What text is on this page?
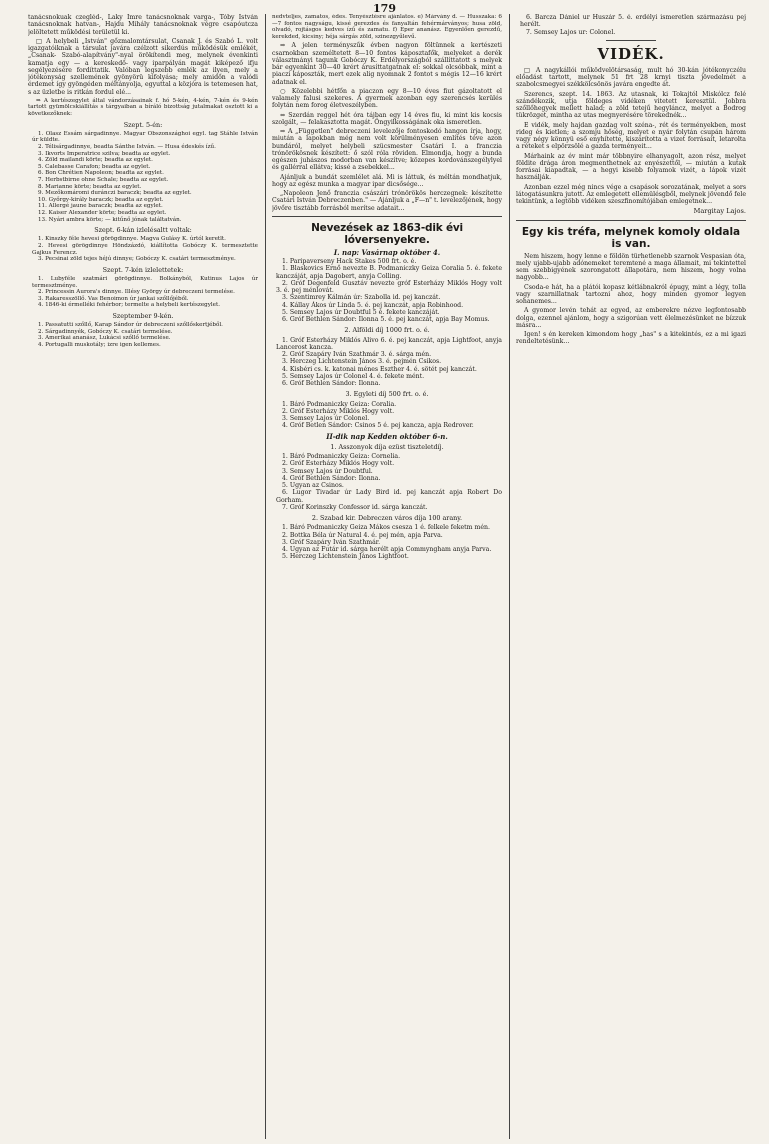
179

tanácsnokuak czegléd-, Laky Imre tanácsnoknak varga-, Tóby István tanácsnoknak hatvan-, Hajdu Mihály tanácsnoknak végre csapóutcza jelöltetett működési területül ki.

□ A helybeli „István" gőzmalomtársulat, Csanak J. és Szabó L. volt igazgatóiknak a társulat javára czélzott sikerdús működésük emlékét, „Csanak- Szabó-alapítvány"-nyal örökítendi meg, melynek évenkinti kamatja egy — a kereskedő- vagy iparpályán magát kiképező ifju segélyezésére fordíttatik. Valóban legszebb emlék az ilyen, mely a jótékonyság szellemének gyönyörü kifolyása; mely amidőn a valódi érdemet így gyöngéden méltányolja, egyuttal a közjóra is tetemesen hat, s az üzletbe is ritkán fordul elé...

⇒ A kertészegylet által vándorzásainak f. hó 5-kén, 4-kén, 7-kén és 9-kén tartott gyümölcskiállítás s tárgyaiban a bíráló bizottság jutalmakat osztott ki a következőknek:

Szept. 5-én:

1. Olasz Essám sárgadinnye. Magyar Obszonszághoi egyl. tag Stáhle István úr küldte.

2. Télisárgadinnye, beadta Sánthe István. — Husa édeskés ízű.

3. Ikvorts Imperatrice szilva; beadta az egylet.

4. Zöld mailandi körte; beadta az egylet.

5. Calebasse Carafon; beadta az egylet.

6. Bon Chrétien Napoleon; beadta az egylet.

7. Herbstbirne ohne Schale; beadta az egylet.

8. Marianne körte; beadta az egylet.

9. Mezőkomáromi duránczi baraczk; beadta az egylet.

10. Győrgy-király baraczk; beadta az egylet.

11. Allergé jaune baraczk; beadta az egylet.

12. Kaiser Alexander körte; beadta az egylet.

13. Nyári ambra körte; — kitűnő jónak találtatván.

Szept. 6-kán izlelésaltt voltak:

1. Kinszky féle hevesi görögdinnye. Magva Gulásy K. úrtól keretlt.

2. Hevesi görögdinnye Höndzázdó, kiállította Gobóczy K. termesztette Gajkus Ferencz.

3. Pecsinai zöld tejes héjú dinnye; Gobóczy K. csatári termesztménye.

Szept. 7-kén izlelettetek:

1. Lubyféle szatmári görögdinnye. Bolkányból, Kutinus Lajos úr termesztménye.

2. Princessin Aurora's dinnye. Illésy György úr debreczeni termelése.

3. Rakaresszöllő. Vas Benoimon úr jankai szőllőjéből.

4. 1846-ki érmelléki fehérbor; termelte a helybeli kertészegylet.

Szeptember 9-kén.

1. Passatutti szőllő, Karap Sándor úr debreczeni szőllőskertjéből.

2. Sárgadinnyék, Gobóczy K. csatári termelése.

3. Amerikai ananász, Lukácsi szőllő termelése.

4. Portugalli muskotály; izre igen kellemes.

nedvteljes, zamatos, édes. Tenyésztésre ajánlatos. e) Márvány d. — Husszaka: 6—7 fontos nagyságu, kissé gerezdes és fanyaltán fehérmárványos; husa zöld, olvadó, rojtásgos kedves ízű és zamatu. f) Eper ananász. Egyenlően gerezdű, kerekded, kicsiny; héja sárgás zöld, szinezgyűlevű.

⇒ A jelen terményszűk évben nagyon föltünnek a kertészeti csarnokban személtetett 8—10 fontos káposztafők, melyeket a derék választmányi tagunk Gobóczy K. Erdélyországból szállíttatott s melyek bár egyenkint 30—40 krért árusíttatgatnak el: sokkal olcsóbbak, mint a piaczi káposzták, mert ezek alig nyomnak 2 fontot s mégis 12—16 krért adatnak el.

○ Közelebbi hétfőn a piaczon egy 8—10 éves fiut gázoltatott el valamely falusi szekeres. A gyermek azonban egy szerencsés kerülés folytán nem forog életveszélyben.

⇔ Szerdán reggel hét óra tájban egy 14 éves fiu, ki mint kis kocsis szolgált, — felakasztotta magát. Öngyilkosságának oka ismeretlen.

⇒ A „Független" debreczeni levelezője fontoskodó hangon írja, hogy, miután a lapokban még nem volt körülményesen említés téve azon bundáról, melyet helybeli szücsmester Csatári I. a franczia trónörökösnek készített: ő szól róla röviden. Elmondja, hogy a bunda egészen juhászos modorban van készítve; közepes kordovánszegélylyel és gallérral ellátva; kissé a zsebekkel...

Ajánljuk a bundát szemlélet alá. Mi is láttuk, és méltán mondhatjuk, hogy az egész munka a magyar ipar dicsősége...

„Napoleon Jenő franczia császári trónörökös herczegnek: készítette Csatári István Debreczenben." — Ajánljuk a „F—n" t. levelezőjének, hogy jövőre tisztább forrásból merítse adatait...

Nevezések az 1863-dik évi lóversenyekre.
I. nap: Vasárnap október 4.

1. Paripaverseny Hack Stakes 500 frt. o. é.

1. Blaskovics Ernő nevezte B. Podmaniczky Geiza Coralia 5. é. fekete kanczáját, apja Dagobert, anyja Colling.

2. Gróf Degenfeld Gusztáv nevezte gróf Esterházy Miklós Hogy volt 3. é. pej ménlovát.

3. Szentimrey Kálmán úr: Szabolla id. pej kanczát.

4. Kállay Ákos úr Linda 5. é. pej kanczát, apja Robinhood.

5. Semsey Lajos úr Doubtful 5 é. fekete kanczáját.

6. Gróf Bethlen Sándor: Ilonna 5. é. pej kanczát, apja Bay Momus.

2. Alföldi díj 1000 frt. o. é.

1. Gróf Esterházy Miklós Alivo 6. é. pej kanczát, apja Lightfoot, anyja Lancerost kancza.

2. Gróf Szapáry Iván Szathmár 3. é. sárga mén.

3. Herczeg Lichtenstein János 3. é. pejmén Csikos.

4. Kisbéri cs. k. katonai ménes Eszther 4. é. sötét pej kanczát.

5. Semsey Lajos úr Colonel 4. é. fekete mént.

6. Gróf Bethlen Sándor: Ilonna.

3. Egyleti díj 500 frt. o. é.

1. Báró Podmaniczky Geiza: Coralia.

2. Gróf Esterházy Miklós Hogy volt.

3. Semsey Lajos úr Colonel.

4. Gróf Betlen Sándor: Csinos 5 é. pej kancza, apja Redrover.

II-dik nap Kedden október 6-n.

1. Asszonyok díja ezüst tiszteletdíj.

1. Báró Podmaniczky Geiza: Cornelia.

2. Gróf Esterházy Miklós Hogy volt.

3. Semsey Lajos úr Doubtful.

4. Gróf Bethlen Sándor: Ilonna.

5. Ugyan az Csinos.

6. Lugor Tivadar úr Lady Bird id. pej kanczát apja Robert Do Gorham.

7. Gróf Korinszky Confessor id. sárga kanczát.

2. Szabad kir. Debreczen város díja 100 arany.

1. Báró Podmaniczky Geiza Mákos csesza 1 é. felkele feketm mén.

2. Bottka Béla úr Natural 4. é. pej mén, apja Parva.

3. Gróf Szapáry Iván Szathmár.

4. Ugyan az Futár id. sárga herélt apja Commyngham anyja Parva.

5. Herczeg Lichtenstein János Lightfoot.

6. Barcza Dániel ur Huszár 5. é. erdélyi ismeretlen származásu pej herélt.

7. Semsey Lajos ur: Colonel.

VIDÉK.

□ A nagykállói működvelötársaság, mult hó 30-kán jótékonyczélu előadást tartott, melynek 51 frt 28 krnyi tiszta jövedelmét a szabolcsmegyei székkölcsönös javára engedte át.

Szerencs, szept. 14. 1863. Az utasnak, ki Tokajtól Miskólcz felé szándékozik, utja földeges vidéken vitetett keresztül. Jobbra szőllőhegyek mellett halad; a zöld tetejű hegyláncz, melyet a Bodrog tükrözget, mintha az utas megnyerésére törekednék...

E vidék, mely hajdan gazdag volt széna-, rét és terményekben, most rideg és kietlen; a szomju hőség, melyet e nyár folytán csupán három vagy négy könnyü eső enyhítette, kiszárította a vizet forrásait, letarolta a réteket s elpörzsölé a gazda terményeit...

Márhaink az év mint már többnyire elhanyagolt, azon rész, melyet földite drága áron megmenthetnek az enyészettől, — miután a kutak forrásai kiapadtak, — a hegyi kisebb folyamok vizét, a lápok vizét használják.

Azonban ezzel még nincs vége a csapások sorozatának, melyet a sors látogatásunkra jutott. Az emlegetett ellemülésgből, melynek jövendő fele tekintünk, a legtöbb vidéken szeszfinomítójában emlegetnek...

Margitay Lajos.

Egy kis tréfa, melynek komoly oldala is van.

Nem hiszem, hogy lenne e földön türhetlenebb szarnok Vespasian óta, mely ujabb-ujabb adónemeket teremtené a maga államait, mi tekintettel sem szebbigyének szorongatott állapotára, nem hiszem, hogy volna nagyobb...

Csoda-e hát, ha a plátói kopasz kétlábnakról épugy, mint a légy, tolla vagy szarnillatnak tartozni ahoz, hogy minden gyomor legyen sohanemes...

A gyomor levén tehát az egyed, az emberekre nézve legfontosabb dolga, ezennel ajánlom, hogy a szigorúan vett élelmezésünket ne bízzuk másra...

Igen! s én kereken kimondom hogy „has" s a kitekintés, ez a mi igazi rendeltetésünk...
